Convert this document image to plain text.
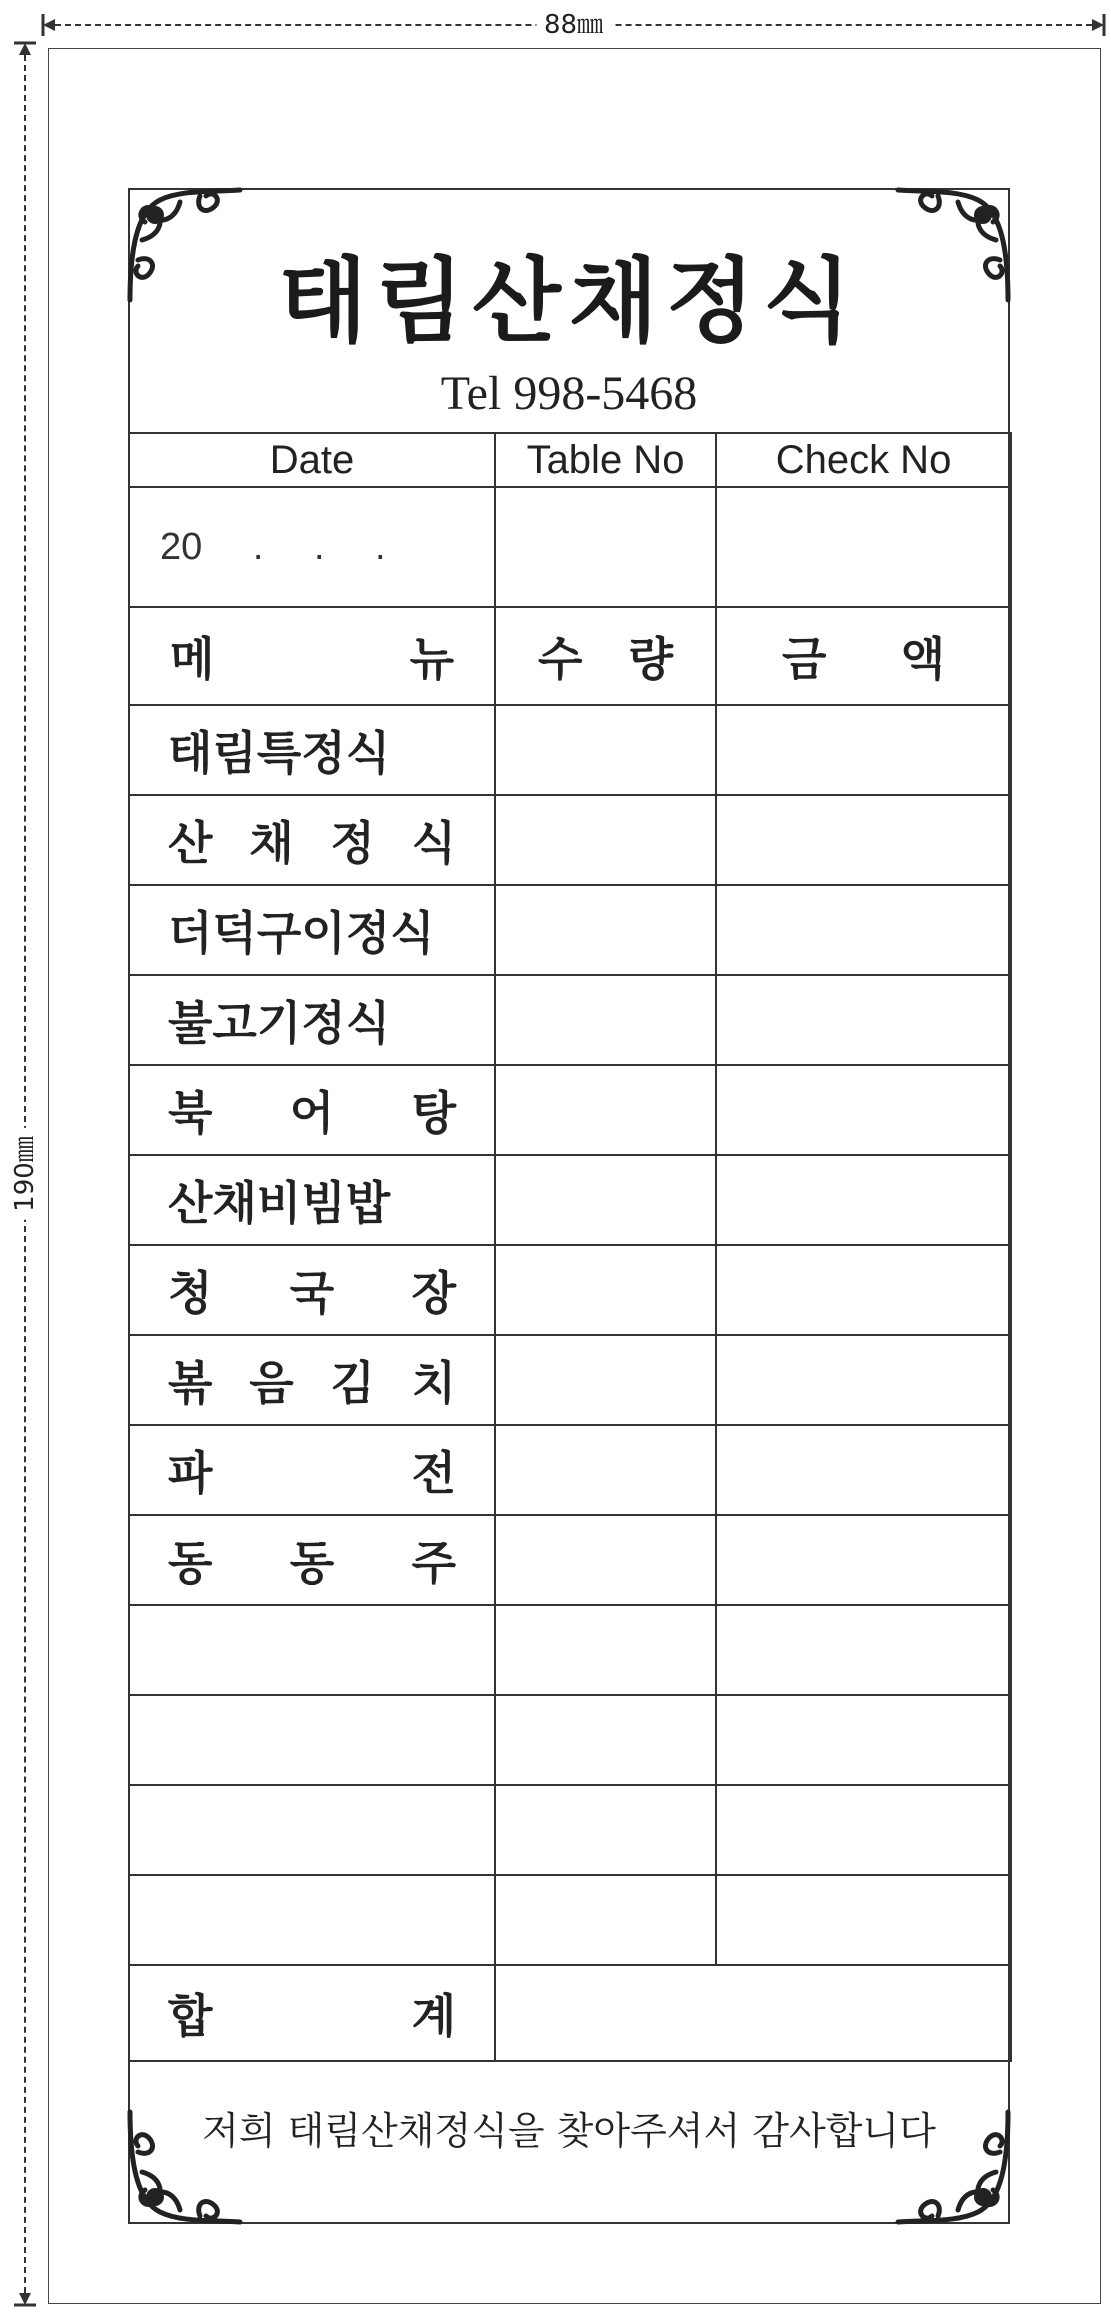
88㎜
190㎜
태림산채정식
Tel 998-5468
Date	Table No	Check No
20 . . .		

메 뉴	수 량	금 액

태림특정식		

산 채 정 식		

더덕구이정식		

불고기정식		

북 어 탕		

산채비빔밥		

청 국 장		

볶 음 김 치		

파 전		

동 동 주		

합 계		

저희 태림산채정식을 찾아주셔서 감사합니다
